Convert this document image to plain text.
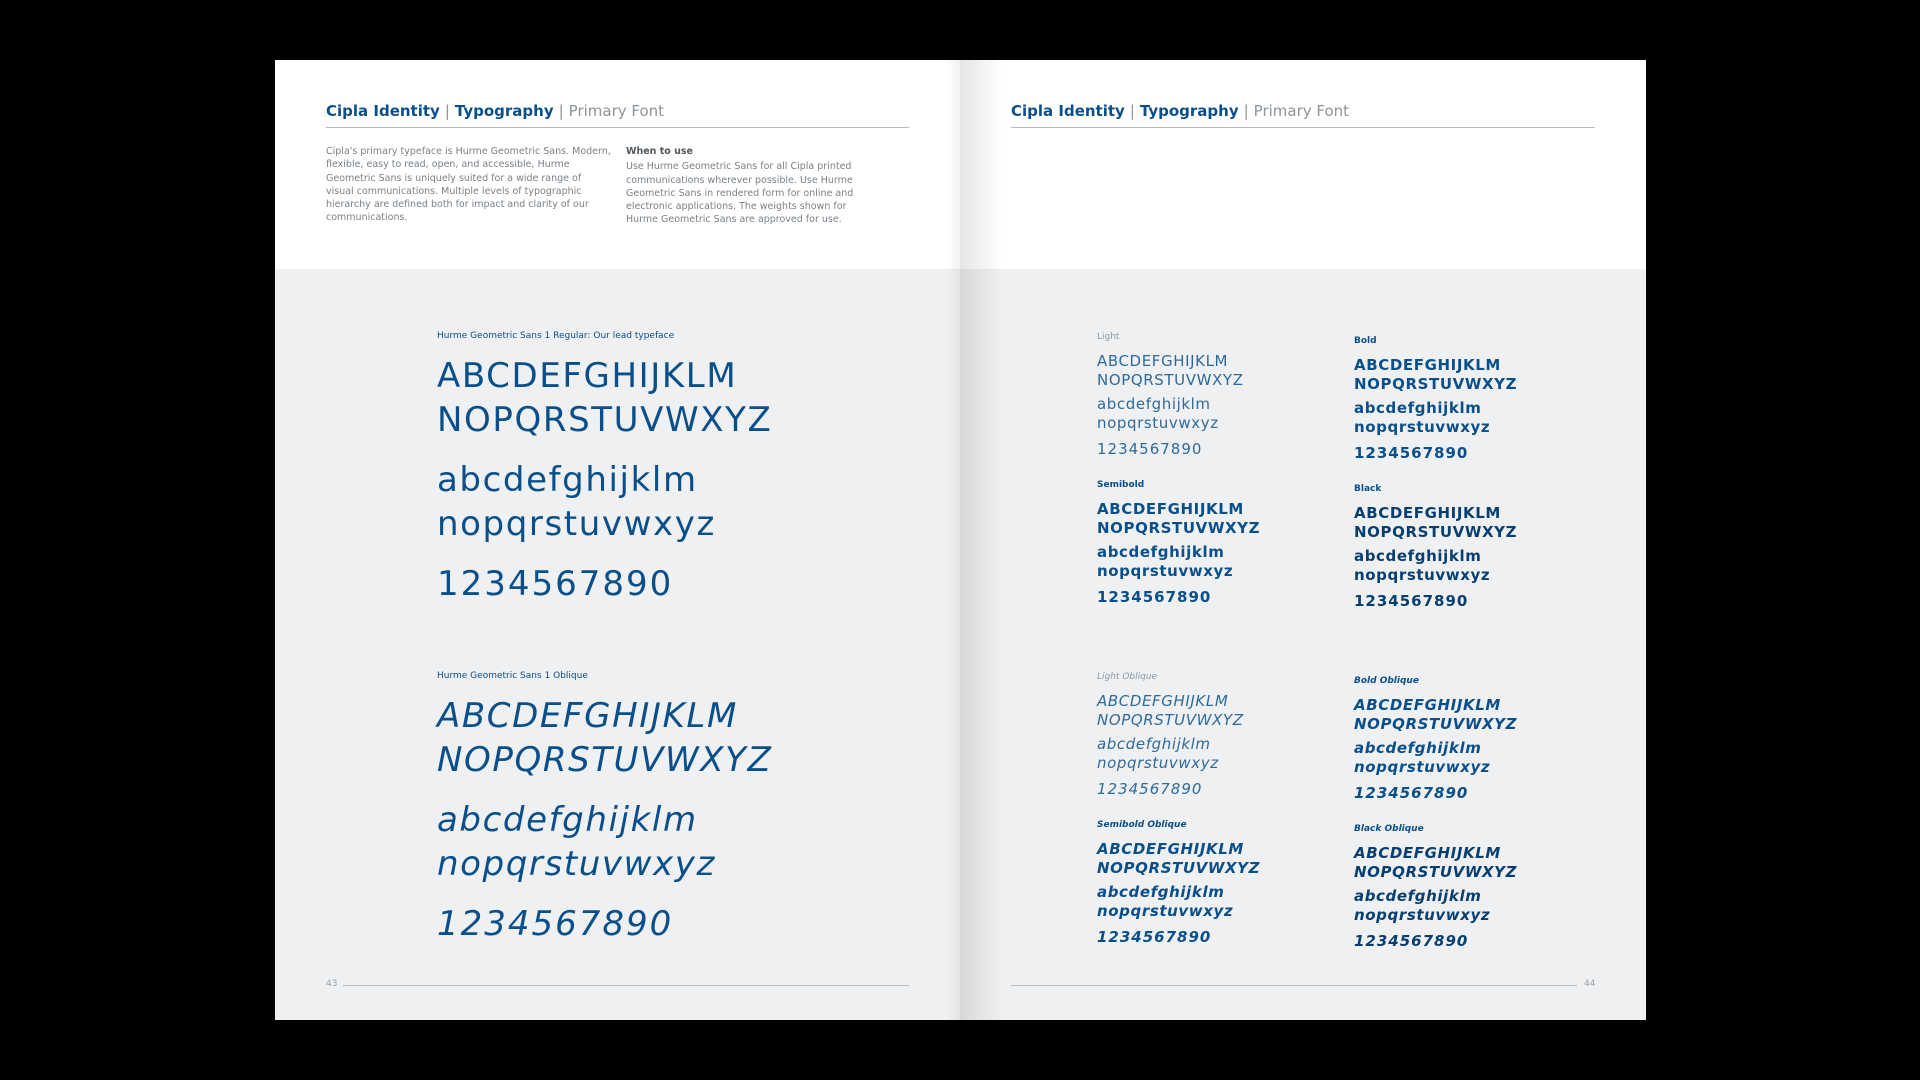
Cipla Identity | Typography | Primary Font

Cipla's primary typeface is Hurme Geometric Sans. Modern, flexible, easy to read, open, and accessible, Hurme Geometric Sans is uniquely suited for a wide range of visual communications. Multiple levels of typographic hierarchy are defined both for impact and clarity of our communications.

When to use

Use Hurme Geometric Sans for all Cipla printed communications wherever possible. Use Hurme Geometric Sans in rendered form for online and electronic applications. The weights shown for Hurme Geometric Sans are approved for use.

Hurme Geometric Sans 1 Regular: Our lead typeface
ABCDEFGHIJKLM
NOPQRSTUVWXYZ
abcdefghijklm
nopqrstuvwxyz
1234567890
Hurme Geometric Sans 1 Oblique
ABCDEFGHIJKLM
NOPQRSTUVWXYZ
abcdefghijklm
nopqrstuvwxyz
1234567890
43
Cipla Identity | Typography | Primary Font
Light
ABCDEFGHIJKLM
NOPQRSTUVWXYZ
abcdefghijklm
nopqrstuvwxyz
1234567890
Bold
ABCDEFGHIJKLM
NOPQRSTUVWXYZ
abcdefghijklm
nopqrstuvwxyz
1234567890
Semibold
ABCDEFGHIJKLM
NOPQRSTUVWXYZ
abcdefghijklm
nopqrstuvwxyz
1234567890
Black
ABCDEFGHIJKLM
NOPQRSTUVWXYZ
abcdefghijklm
nopqrstuvwxyz
1234567890
Light Oblique
ABCDEFGHIJKLM
NOPQRSTUVWXYZ
abcdefghijklm
nopqrstuvwxyz
1234567890
Bold Oblique
ABCDEFGHIJKLM
NOPQRSTUVWXYZ
abcdefghijklm
nopqrstuvwxyz
1234567890
Semibold Oblique
ABCDEFGHIJKLM
NOPQRSTUVWXYZ
abcdefghijklm
nopqrstuvwxyz
1234567890
Black Oblique
ABCDEFGHIJKLM
NOPQRSTUVWXYZ
abcdefghijklm
nopqrstuvwxyz
1234567890
44
